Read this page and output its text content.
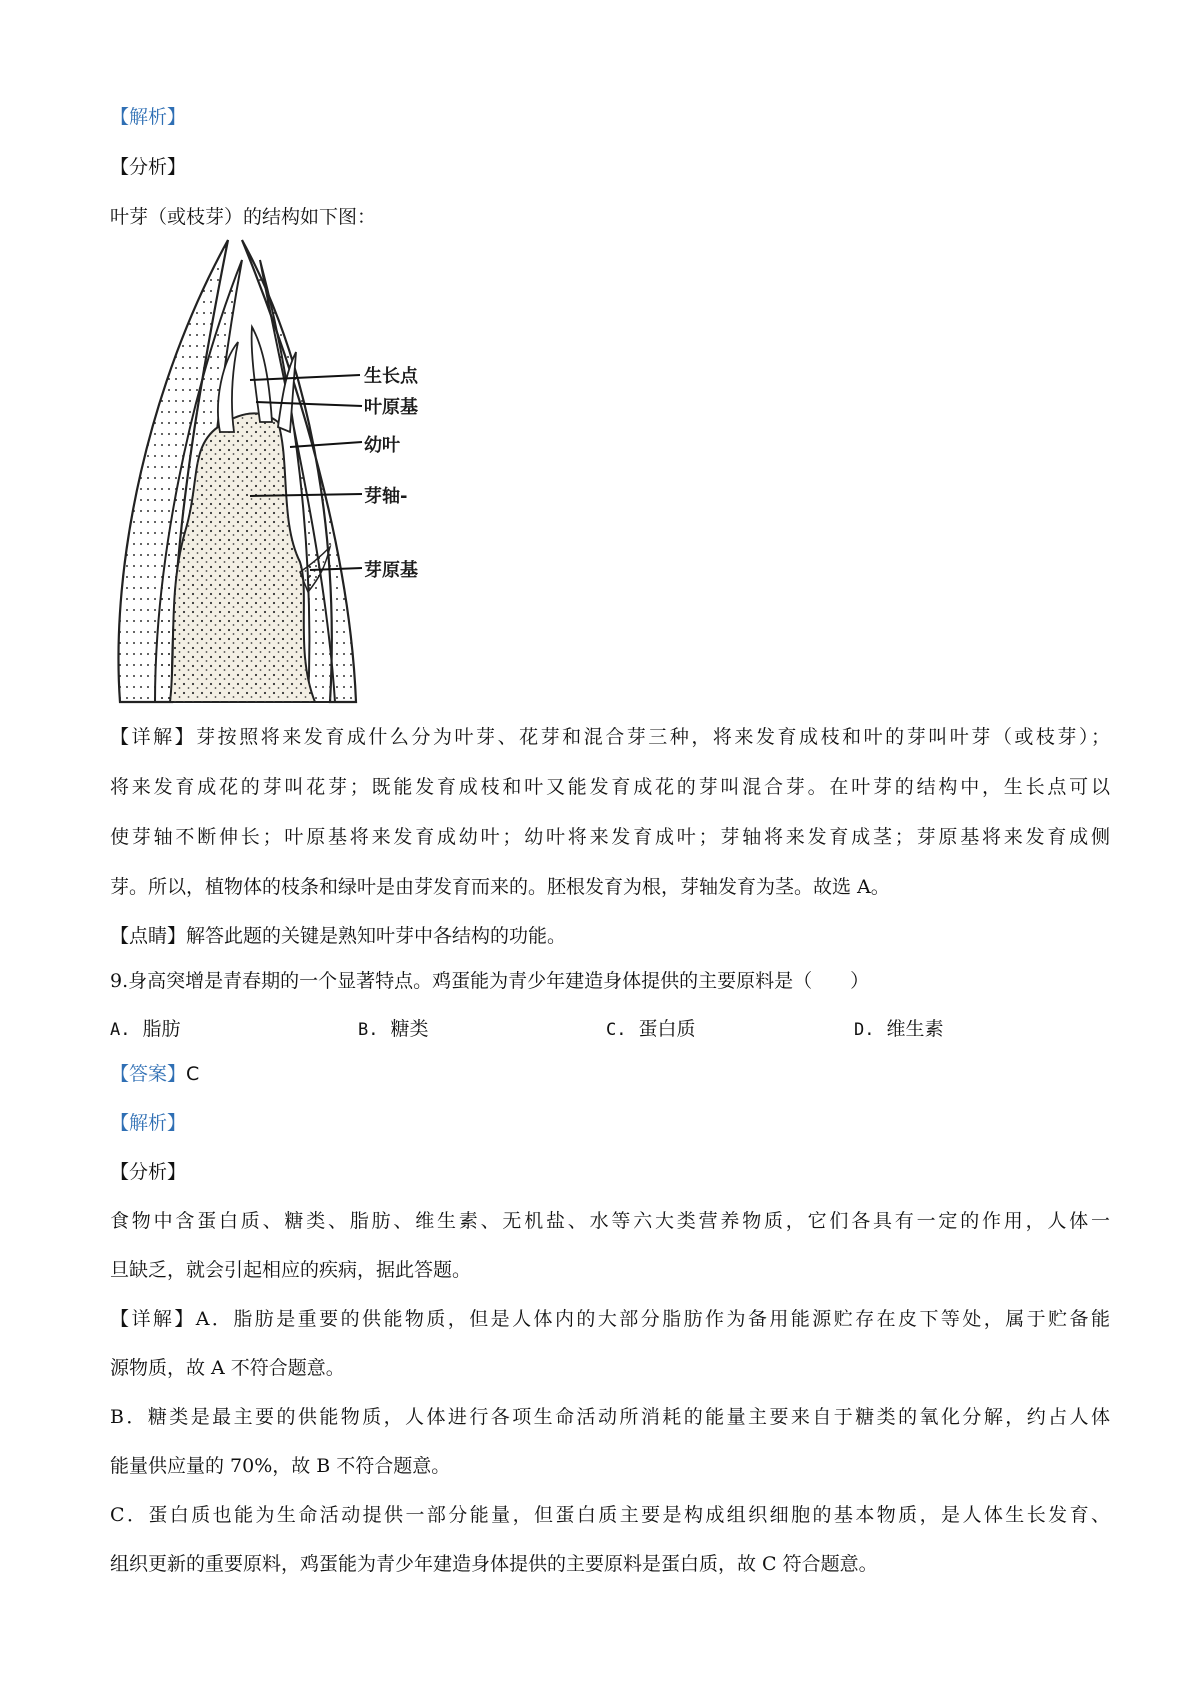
【解析】
【分析】
叶芽（或枝芽）的结构如下图：
生长点
叶原基
幼叶
芽轴-
芽原基
【详解】芽按照将来发育成什么分为叶芽、花芽和混合芽三种，将来发育成枝和叶的芽叫叶芽（或枝芽）；
将来发育成花的芽叫花芽；既能发育成枝和叶又能发育成花的芽叫混合芽。在叶芽的结构中，生长点可以
使芽轴不断伸长；叶原基将来发育成幼叶；幼叶将来发育成叶；芽轴将来发育成茎；芽原基将来发育成侧
芽。所以，植物体的枝条和绿叶是由芽发育而来的。胚根发育为根，芽轴发育为茎。故选 A。
【点睛】解答此题的关键是熟知叶芽中各结构的功能。
9.身高突增是青春期的一个显著特点。鸡蛋能为青少年建造身体提供的主要原料是（　　）
A. 脂肪	B. 糖类	C. 蛋白质	D. 维生素
【答案】C
【解析】
【分析】
食物中含蛋白质、糖类、脂肪、维生素、无机盐、水等六大类营养物质，它们各具有一定的作用，人体一
旦缺乏，就会引起相应的疾病，据此答题。
【详解】A．脂肪是重要的供能物质，但是人体内的大部分脂肪作为备用能源贮存在皮下等处，属于贮备能
源物质，故 A 不符合题意。
B．糖类是最主要的供能物质，人体进行各项生命活动所消耗的能量主要来自于糖类的氧化分解，约占人体
能量供应量的 70%，故 B 不符合题意。
C．蛋白质也能为生命活动提供一部分能量，但蛋白质主要是构成组织细胞的基本物质，是人体生长发育、
组织更新的重要原料，鸡蛋能为青少年建造身体提供的主要原料是蛋白质，故 C 符合题意。
